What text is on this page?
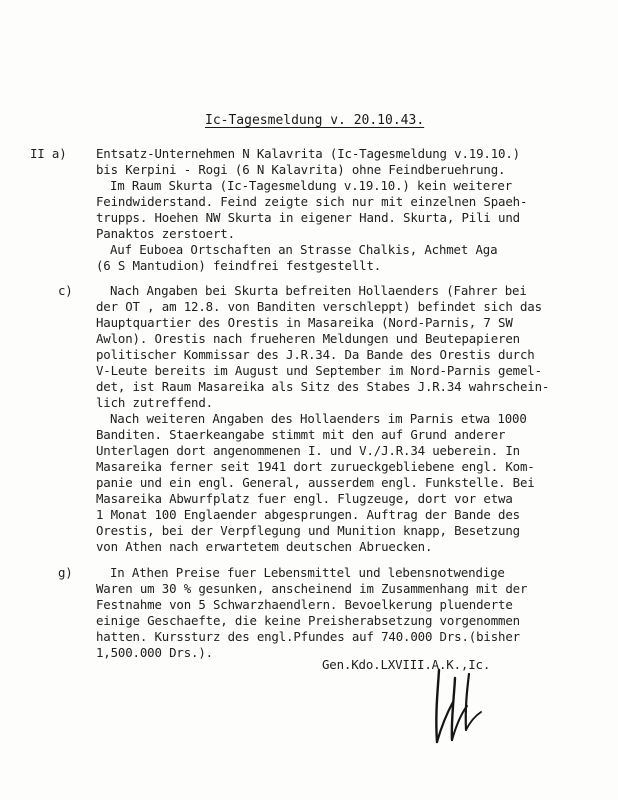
Ic-Tagesmeldung v. 20.10.43.
II a) Entsatz-Unternehmen N Kalavrita (Ic-Tagesmeldung v.19.10.)
bis Kerpini - Rogi (6 N Kalavrita) ohne Feindberuehrung.
Im Raum Skurta (Ic-Tagesmeldung v.19.10.) kein weiterer
Feindwiderstand. Feind zeigte sich nur mit einzelnen Spaeh-
trupps. Hoehen NW Skurta in eigener Hand. Skurta, Pili und
Panaktos zerstoert.
Auf Euboea Ortschaften an Strasse Chalkis, Achmet Aga
(6 S Mantudion) feindfrei festgestellt.
c)	Nach Angaben bei Skurta befreiten Hollaenders (Fahrer bei
der OT , am 12.8. von Banditen verschleppt) befindet sich das
Hauptquartier des Orestis in Masareika (Nord-Parnis, 7 SW
Awlon). Orestis nach frueheren Meldungen und Beutepapieren
politischer Kommissar des J.R.34. Da Bande des Orestis durch
V-Leute bereits im August und September im Nord-Parnis gemel-
det, ist Raum Masareika als Sitz des Stabes J.R.34 wahrschein-
lich zutreffend.
Nach weiteren Angaben des Hollaenders im Parnis etwa 1000
Banditen. Staerkeangabe stimmt mit den auf Grund anderer
Unterlagen dort angenommenen I. und V./J.R.34 ueberein. In
Masareika ferner seit 1941 dort zurueckgebliebene engl. Kom-
panie und ein engl. General, ausserdem engl. Funkstelle. Bei
Masareika Abwurfplatz fuer engl. Flugzeuge, dort vor etwa
1 Monat 100 Englaender abgesprungen. Auftrag der Bande des
Orestis, bei der Verpflegung und Munition knapp, Besetzung
von Athen nach erwartetem deutschen Abruecken.
g)	In Athen Preise fuer Lebensmittel und lebensnotwendige
Waren um 30 % gesunken, anscheinend im Zusammenhang mit der
Festnahme von 5 Schwarzhaendlern. Bevoelkerung pluenderte
einige Geschaefte, die keine Preisherabsetzung vorgenommen
hatten. Kurssturz des engl.Pfundes auf 740.000 Drs.(bisher
1,500.000 Drs.).
Gen.Kdo.LXVIII.A.K.,Ic.
